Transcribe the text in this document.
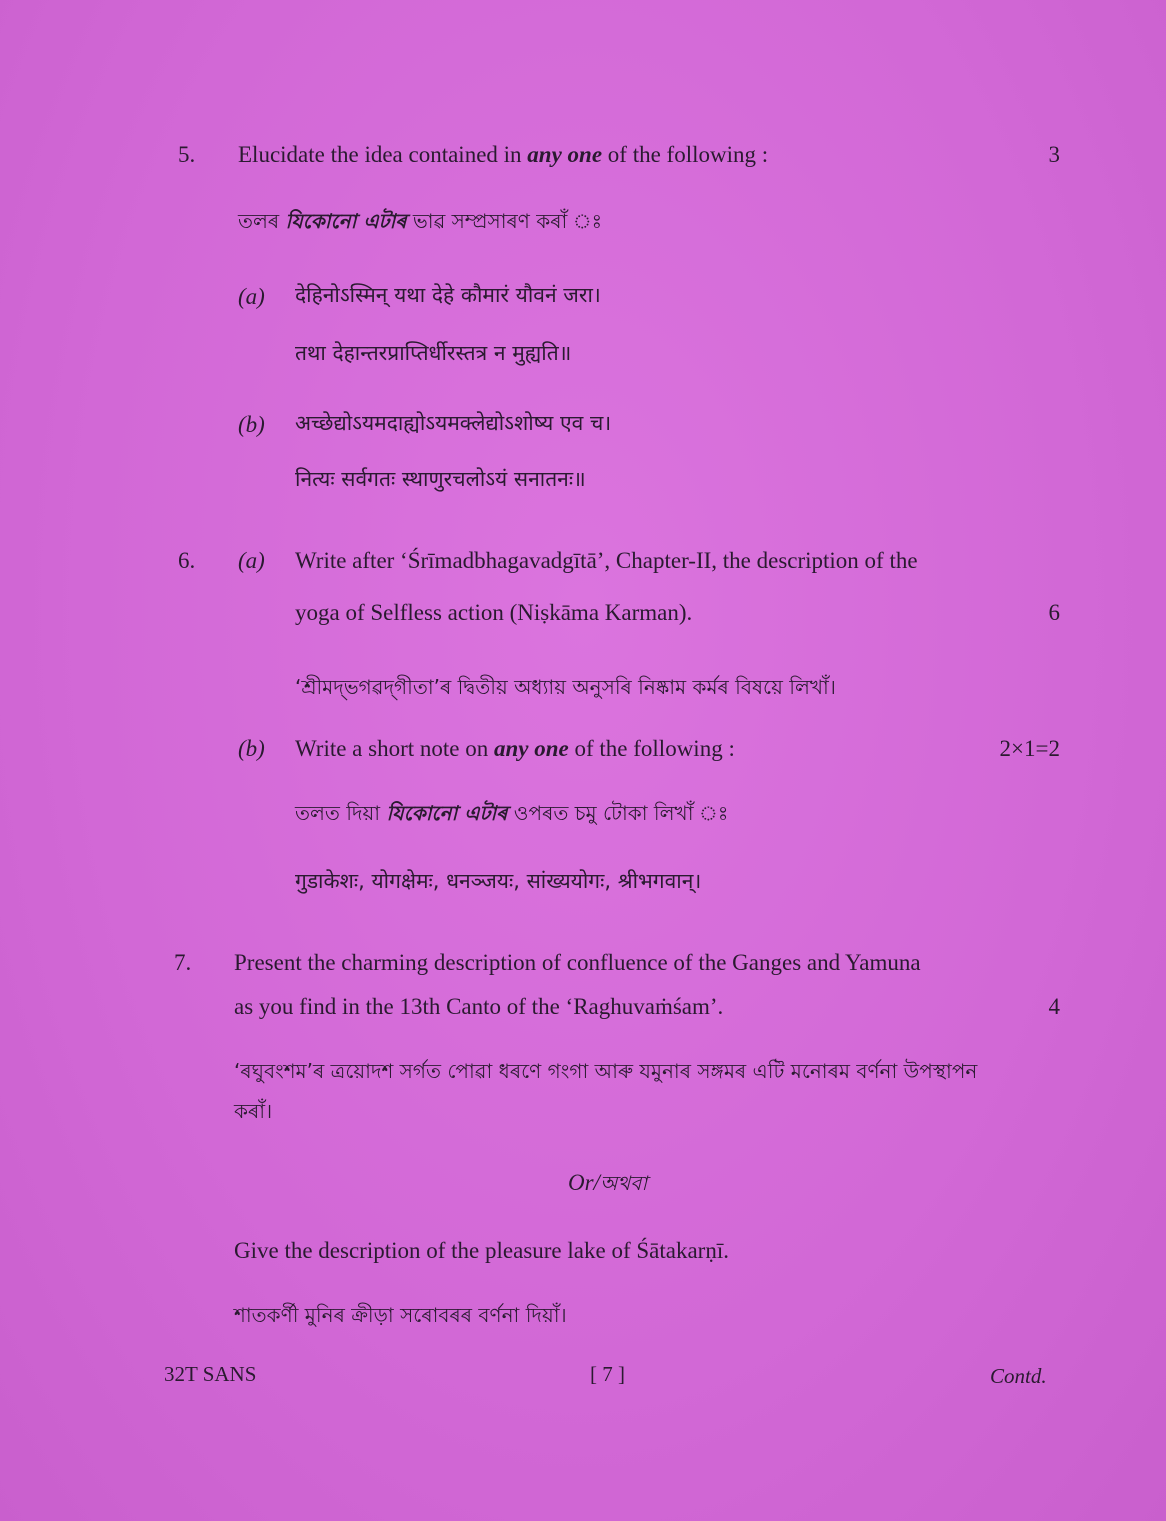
5. Elucidate the idea contained in any one of the following :	3
তলৰ যিকোনো এটাৰ ভাৱ সম্প্ৰসাৰণ কৰাঁ ঃ
(a) देहिनोऽस्मिन् यथा देहे कौमारं यौवनं जरा।
तथा देहान्तरप्राप्तिर्धीरस्तत्र न मुह्यति॥
(b) अच्छेद्योऽयमदाह्योऽयमक्लेद्योऽशोष्य एव च।
नित्यः सर्वगतः स्थाणुरचलोऽयं सनातनः॥
6. (a) Write after ‘Śrīmadbhagavadgītā’, Chapter-II, the description of the
yoga of Selfless action (Niṣkāma Karman).	6
‘শ্ৰীমদ্‌ভগৱদ্‌গীতা’ৰ দ্বিতীয় অধ্যায় অনুসৰি নিষ্কাম কৰ্মৰ বিষয়ে লিখাঁ।
(b) Write a short note on any one of the following :	2×1=2
তলত দিয়া যিকোনো এটাৰ ওপৰত চমু টোকা লিখাঁ ঃ
गुडाकेशः, योगक्षेमः, धनञ्जयः, सांख्ययोगः, श्रीभगवान्।
7. Present the charming description of confluence of the Ganges and Yamuna
as you find in the 13th Canto of the ‘Raghuvaṁśam’.	4
‘ৰঘুবংশম’ৰ ত্ৰয়োদশ সৰ্গত পোৱা ধৰণে গংগা আৰু যমুনাৰ সঙ্গমৰ এটি মনোৰম বৰ্ণনা উপস্থাপন
কৰাঁ।
Or/অথবা
Give the description of the pleasure lake of Śātakarṇī.
শাতকৰ্ণী মুনিৰ ক্ৰীড়া সৰোবৰৰ বৰ্ণনা দিয়াঁ।
32T SANS	[ 7 ]	Contd.
